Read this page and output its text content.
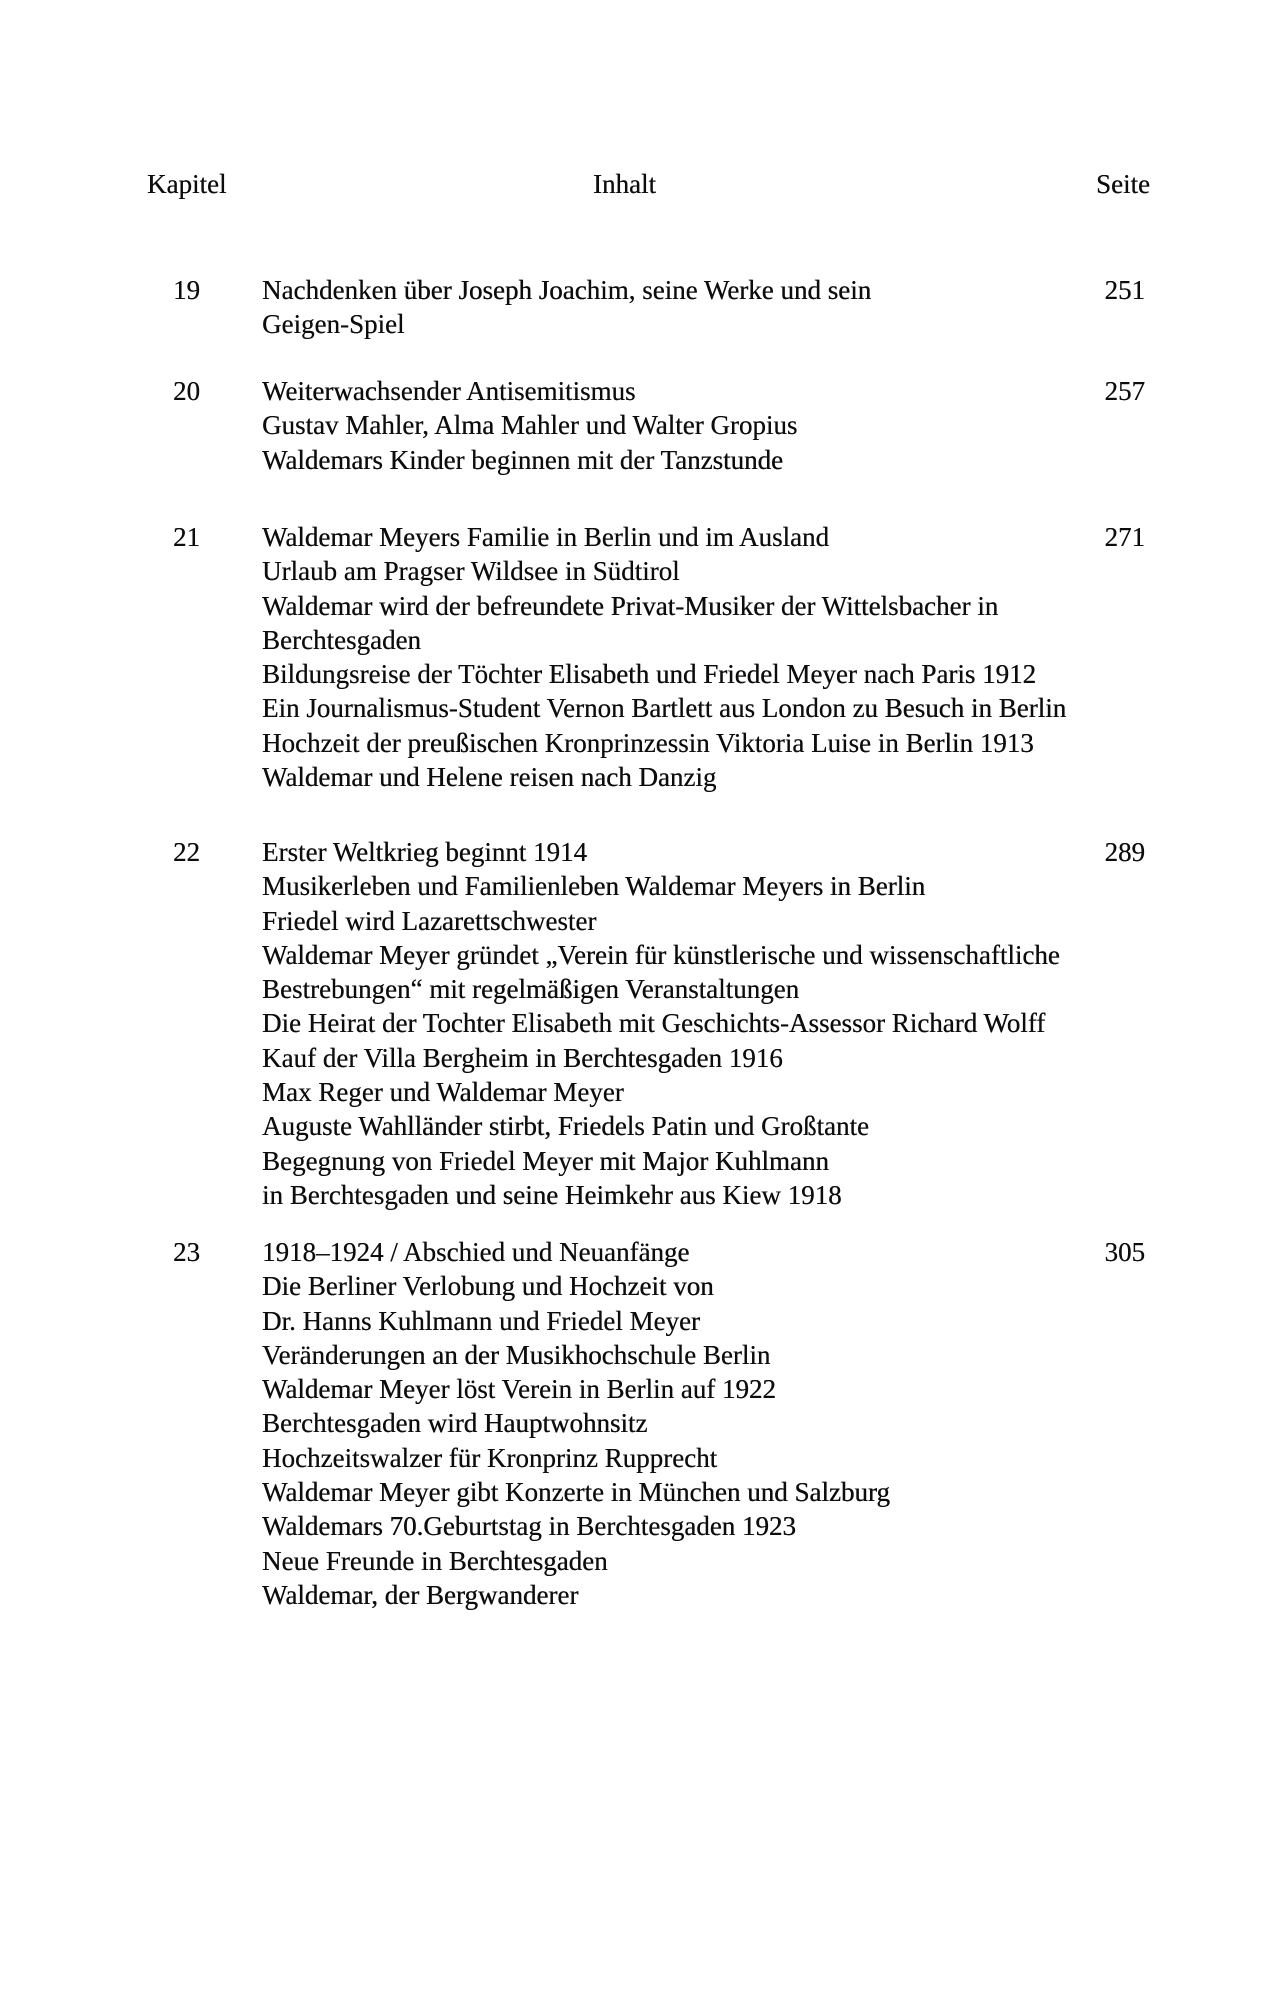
Kapitel	Inhalt	Seite
19 Nachdenken über Joseph Joachim, seine Werke und sein
Geigen-Spiel
251
20 Weiterwachsender Antisemitismus
Gustav Mahler, Alma Mahler und Walter Gropius
Waldemars Kinder beginnen mit der Tanzstunde
257
21 Waldemar Meyers Familie in Berlin und im Ausland
Urlaub am Pragser Wildsee in Südtirol
Waldemar wird der befreundete Privat-Musiker der Wittelsbacher in
Berchtesgaden
Bildungsreise der Töchter Elisabeth und Friedel Meyer nach Paris 1912
Ein Journalismus-Student Vernon Bartlett aus London zu Besuch in Berlin
Hochzeit der preußischen Kronprinzessin Viktoria Luise in Berlin 1913
Waldemar und Helene reisen nach Danzig
271
22 Erster Weltkrieg beginnt 1914
Musikerleben und Familienleben Waldemar Meyers in Berlin
Friedel wird Lazarettschwester
Waldemar Meyer gründet „Verein für künstlerische und wissenschaftliche
Bestrebungen“ mit regelmäßigen Veranstaltungen
Die Heirat der Tochter Elisabeth mit Geschichts-Assessor Richard Wolff
Kauf der Villa Bergheim in Berchtesgaden 1916
Max Reger und Waldemar Meyer
Auguste Wahlländer stirbt, Friedels Patin und Großtante
Begegnung von Friedel Meyer mit Major Kuhlmann
in Berchtesgaden und seine Heimkehr aus Kiew 1918
289
23 1918–1924 / Abschied und Neuanfänge
Die Berliner Verlobung und Hochzeit von
Dr. Hanns Kuhlmann und Friedel Meyer
Veränderungen an der Musikhochschule Berlin
Waldemar Meyer löst Verein in Berlin auf 1922
Berchtesgaden wird Hauptwohnsitz
Hochzeitswalzer für Kronprinz Rupprecht
Waldemar Meyer gibt Konzerte in München und Salzburg
Waldemars 70.Geburtstag in Berchtesgaden 1923
Neue Freunde in Berchtesgaden
Waldemar, der Bergwanderer
305
